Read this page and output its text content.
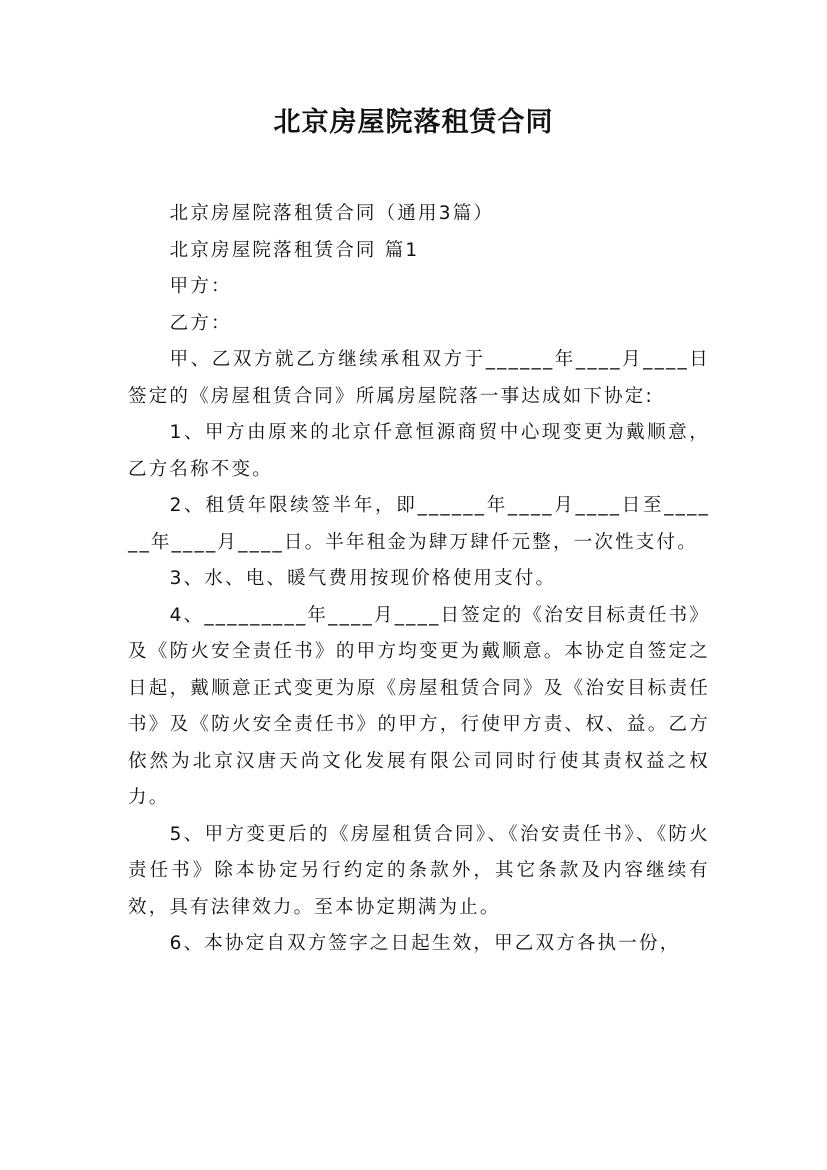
北京房屋院落租赁合同

北京房屋院落租赁合同（通用3篇）

北京房屋院落租赁合同 篇1

甲方：

乙方：

甲、乙双方就乙方继续承租双方于______年____月____日签定的《房屋租赁合同》所属房屋院落一事达成如下协定:

1、甲方由原来的北京仟意恒源商贸中心现变更为戴顺意，乙方名称不变。

2、租赁年限续签半年，即______年____月____日至______年____月____日。半年租金为肆万肆仟元整，一次性支付。

3、水、电、暖气费用按现价格使用支付。

4、_________年____月____日签定的《治安目标责任书》及《防火安全责任书》的甲方均变更为戴顺意。本协定自签定之日起，戴顺意正式变更为原《房屋租赁合同》及《治安目标责任书》及《防火安全责任书》的甲方，行使甲方责、权、益。乙方依然为北京汉唐天尚文化发展有限公司同时行使其责权益之权力。

5、甲方变更后的《房屋租赁合同》、《治安责任书》、《防火责任书》除本协定另行约定的条款外，其它条款及内容继续有效，具有法律效力。至本协定期满为止。

6、本协定自双方签字之日起生效，甲乙双方各执一份，
